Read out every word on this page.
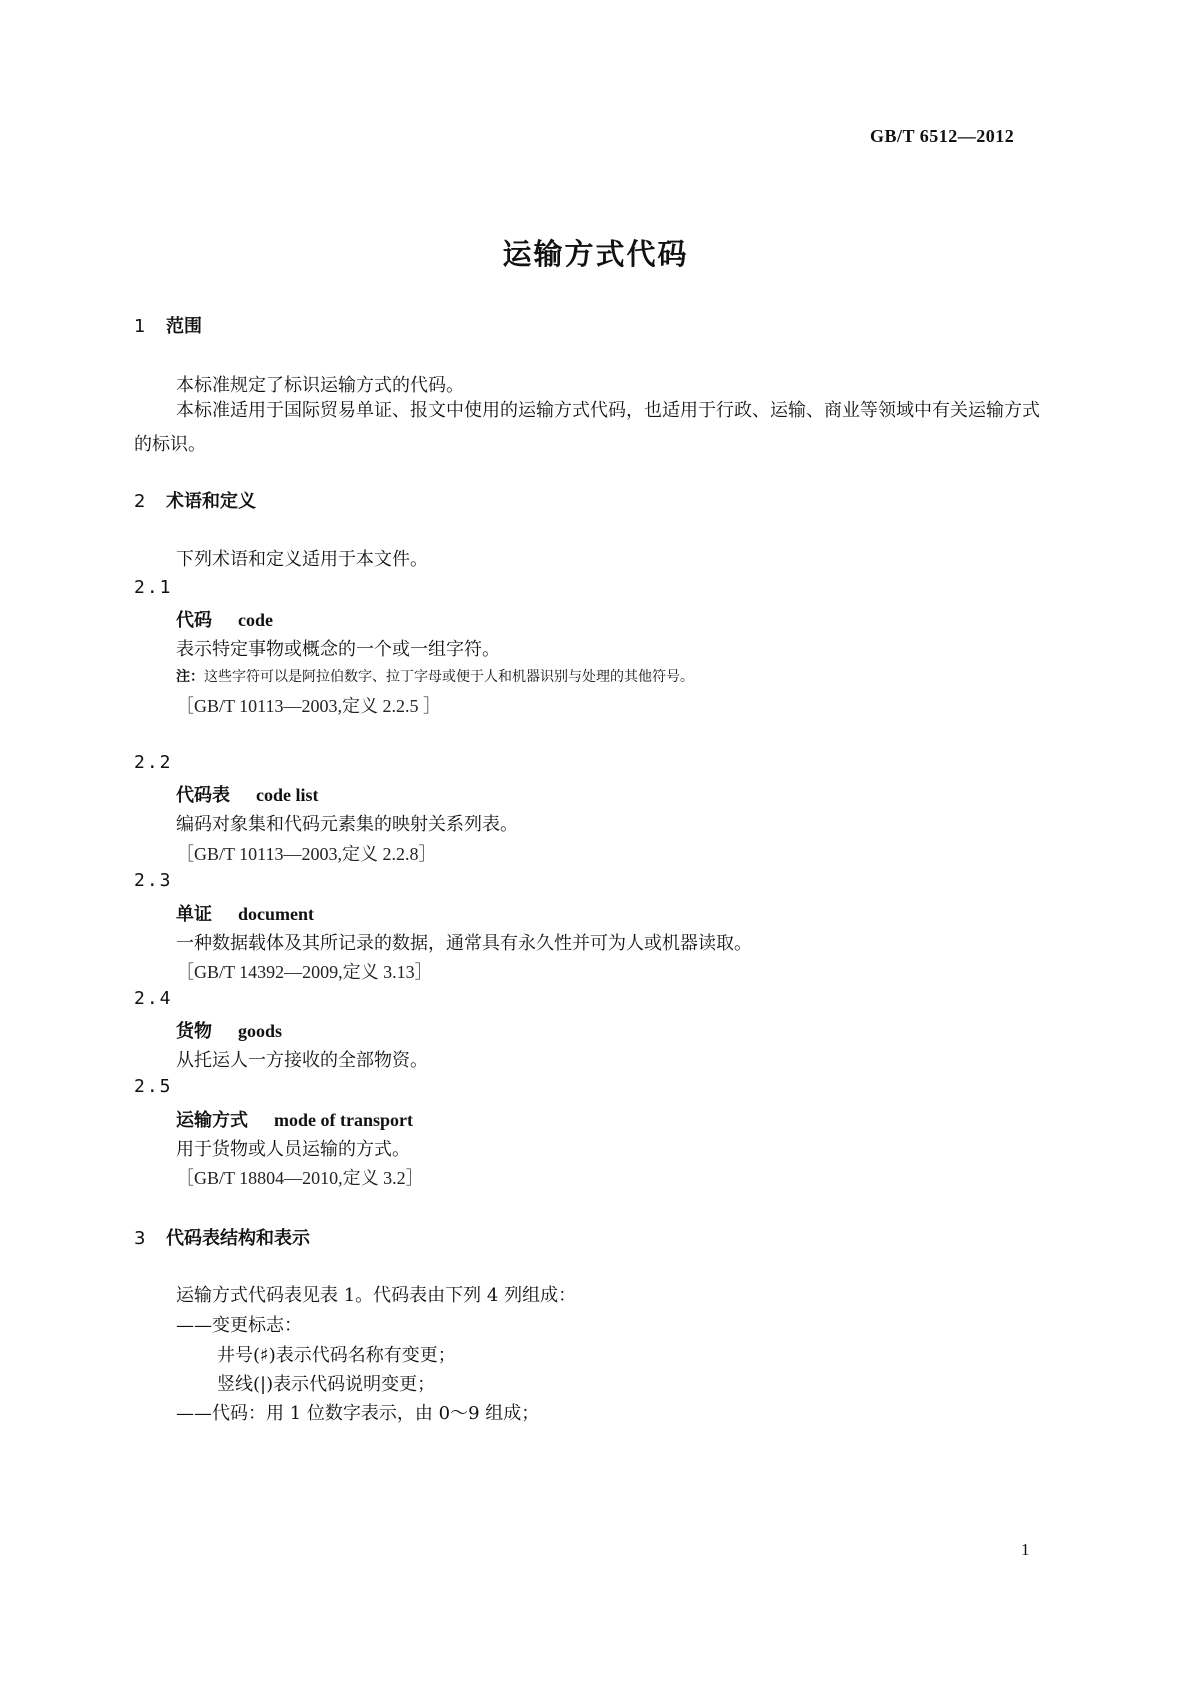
GB/T 6512—2012
运输方式代码
1 范围
本标准规定了标识运输方式的代码。
本标准适用于国际贸易单证、报文中使用的运输方式代码，也适用于行政、运输、商业等领域中有关运输方式的标识。
2 术语和定义
下列术语和定义适用于本文件。
2.1
代码 code
表示特定事物或概念的一个或一组字符。
注：这些字符可以是阿拉伯数字、拉丁字母或便于人和机器识别与处理的其他符号。
［GB/T 10113—2003,定义 2.2.5 ］
2.2
代码表 code list
编码对象集和代码元素集的映射关系列表。
［GB/T 10113—2003,定义 2.2.8］
2.3
单证 document
一种数据载体及其所记录的数据，通常具有永久性并可为人或机器读取。
［GB/T 14392—2009,定义 3.13］
2.4
货物 goods
从托运人一方接收的全部物资。
2.5
运输方式 mode of transport
用于货物或人员运输的方式。
［GB/T 18804—2010,定义 3.2］
3 代码表结构和表示
运输方式代码表见表 1。代码表由下列 4 列组成：
——变更标志：
井号(♯)表示代码名称有变更；
竖线(|)表示代码说明变更；
——代码：用 1 位数字表示，由 0～9 组成；
1
